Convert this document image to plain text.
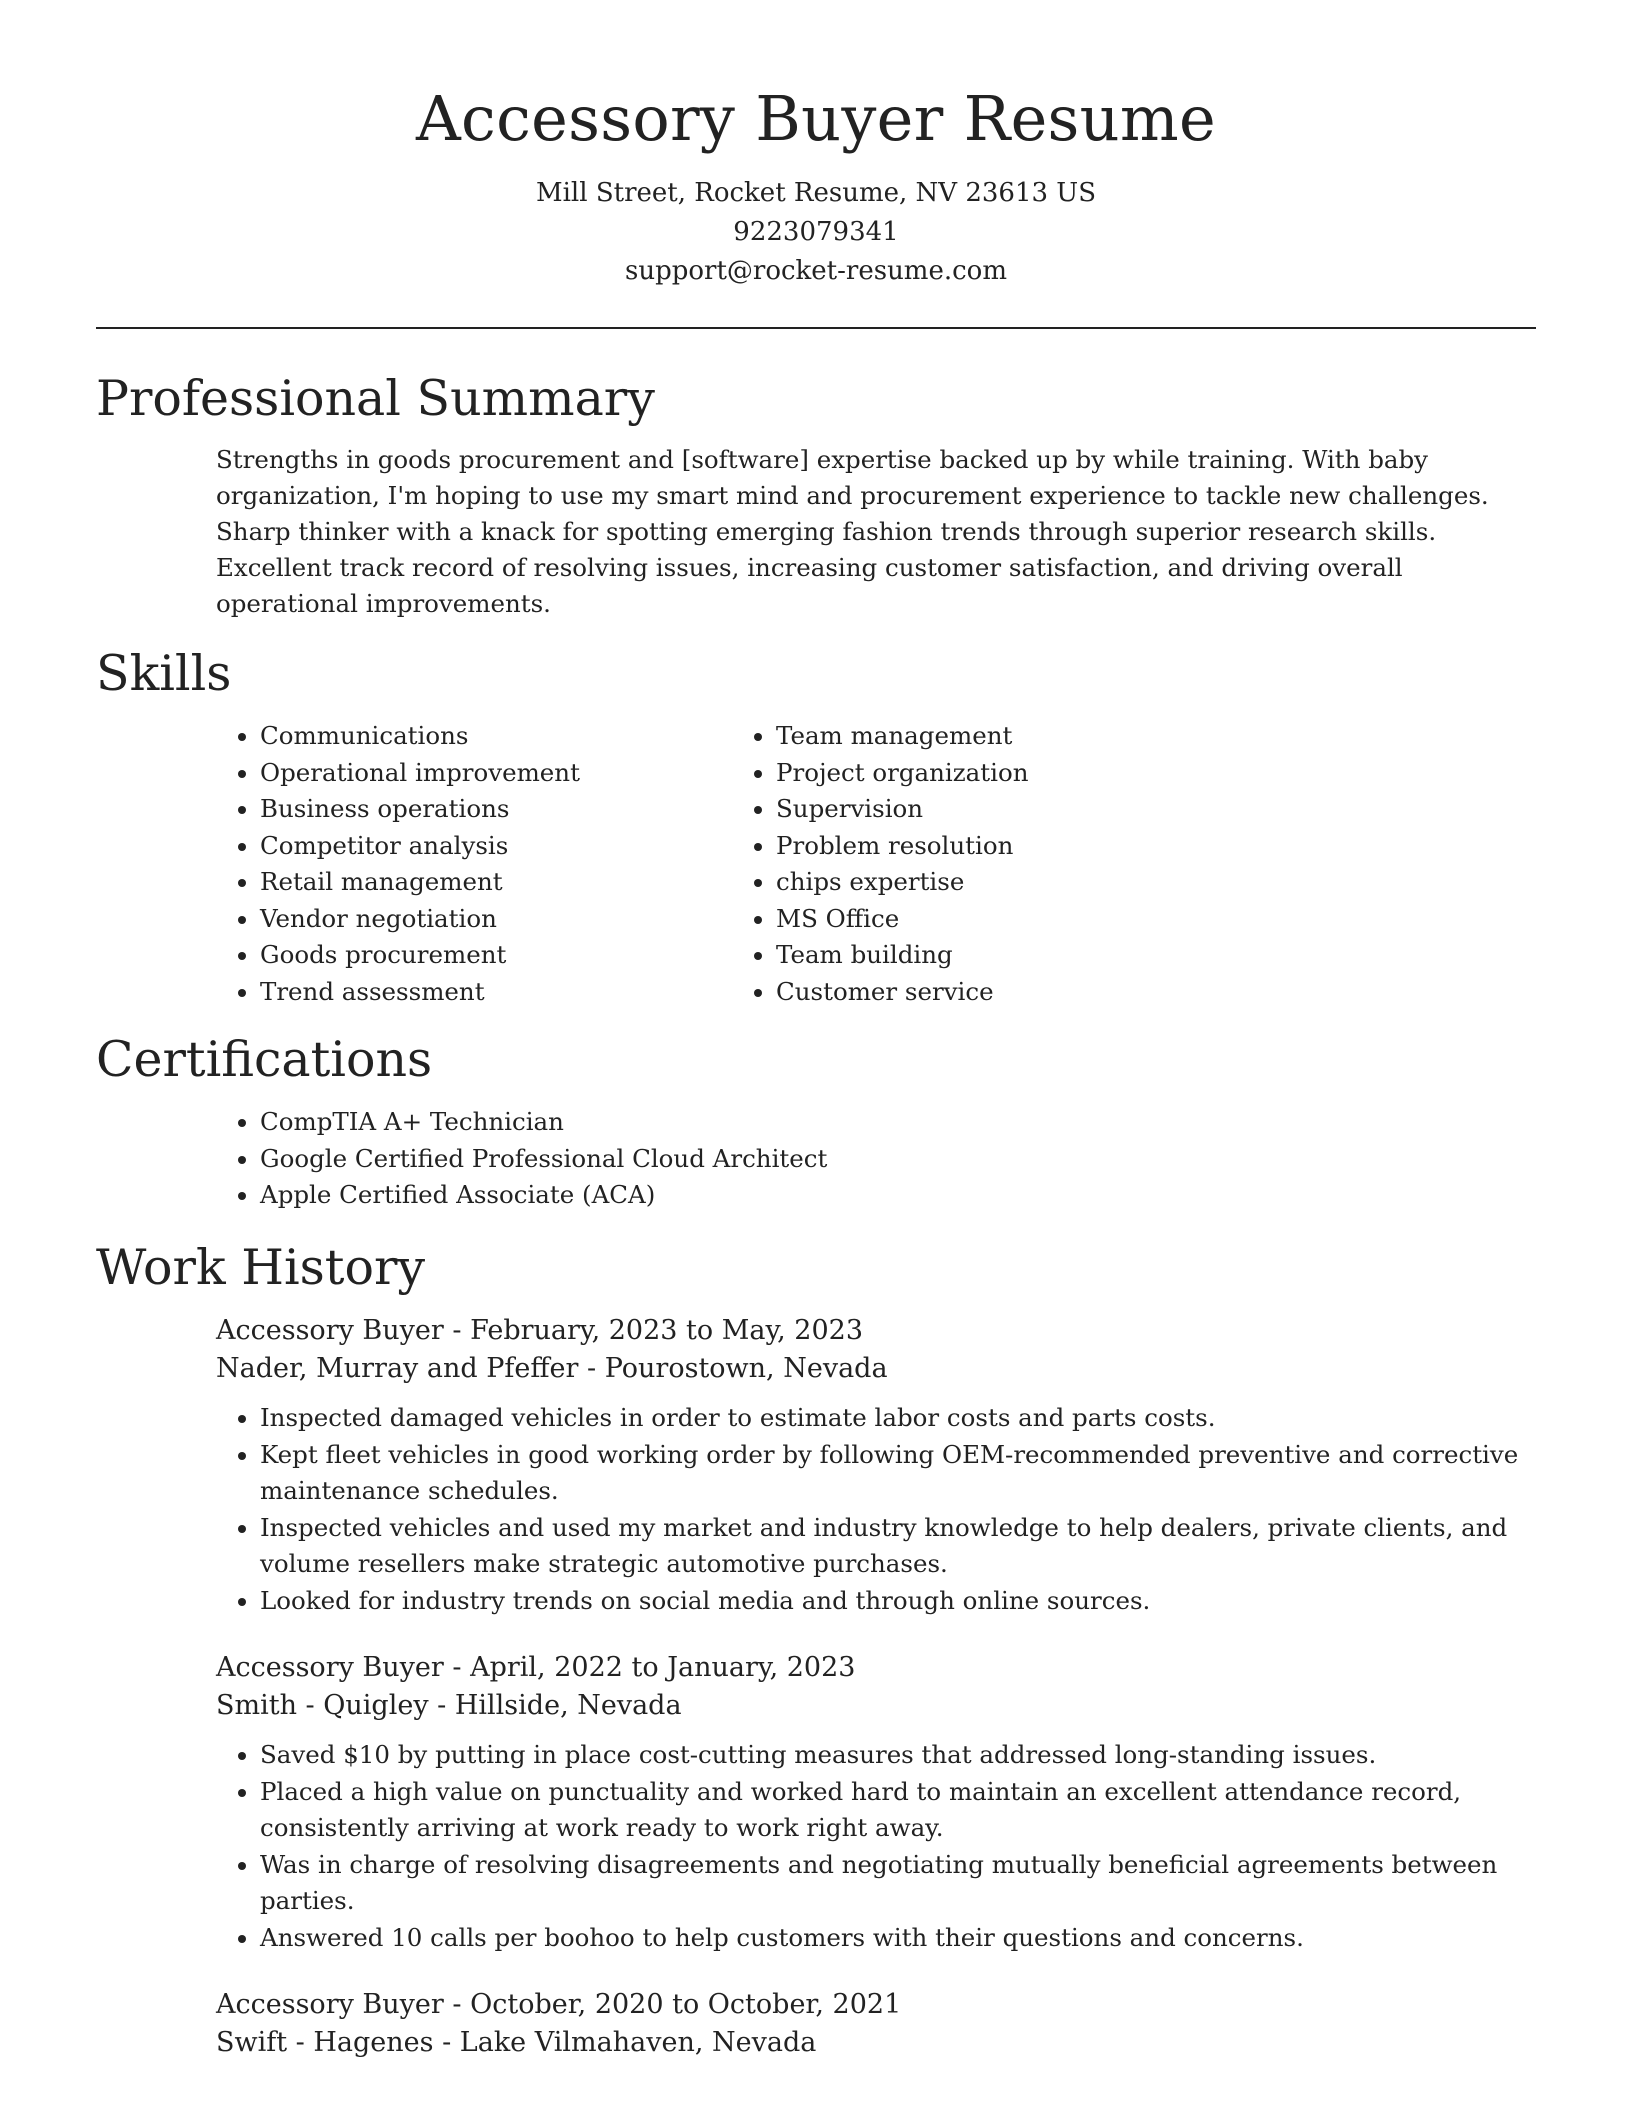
Accessory Buyer Resume
Mill Street, Rocket Resume, NV 23613 US
9223079341
support@rocket-resume.com
Professional Summary

Strengths in goods procurement and [software] expertise backed up by while training. With baby organization, I'm hoping to use my smart mind and procurement experience to tackle new challenges. Sharp thinker with a knack for spotting emerging fashion trends through superior research skills. Excellent track record of resolving issues, increasing customer satisfaction, and driving overall operational improvements.

Skills
• Communications
• Operational improvement
• Business operations
• Competitor analysis
• Retail management
• Vendor negotiation
• Goods procurement
• Trend assessment
• Team management
• Project organization
• Supervision
• Problem resolution
• chips expertise
• MS Office
• Team building
• Customer service
Certifications
• CompTIA A+ Technician
• Google Certified Professional Cloud Architect
• Apple Certified Associate (ACA)
Work History
Accessory Buyer - February, 2023 to May, 2023
Nader, Murray and Pfeffer - Pourostown, Nevada
• Inspected damaged vehicles in order to estimate labor costs and parts costs.
• Kept fleet vehicles in good working order by following OEM-recommended preventive and corrective maintenance schedules.
• Inspected vehicles and used my market and industry knowledge to help dealers, private clients, and volume resellers make strategic automotive purchases.
• Looked for industry trends on social media and through online sources.
Accessory Buyer - April, 2022 to January, 2023
Smith - Quigley - Hillside, Nevada
• Saved $10 by putting in place cost-cutting measures that addressed long-standing issues.
• Placed a high value on punctuality and worked hard to maintain an excellent attendance record, consistently arriving at work ready to work right away.
• Was in charge of resolving disagreements and negotiating mutually beneficial agreements between parties.
• Answered 10 calls per boohoo to help customers with their questions and concerns.
Accessory Buyer - October, 2020 to October, 2021
Swift - Hagenes - Lake Vilmahaven, Nevada
